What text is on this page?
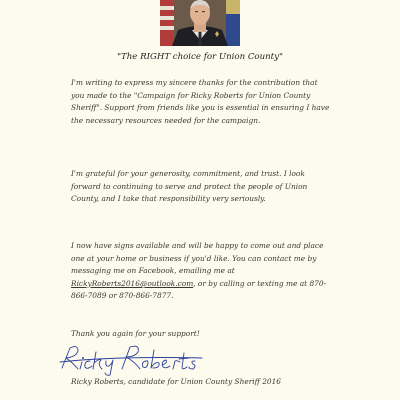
"The RIGHT choice for Union County"

I'm writing to express my sincere thanks for the contribution that you made to the "Campaign for Ricky Roberts for Union County Sheriff". Support from friends like you is essential in ensuring I have the necessary resources needed for the campaign.

I'm grateful for your generosity, commitment, and trust. I look forward to continuing to serve and protect the people of Union County, and I take that responsibility very seriously.

I now have signs available and will be happy to come out and place one at your home or business if you'd like. You can contact me by messaging me on Facebook, emailing me at RickyRoberts2016@outlook.com, or by calling or texting me at 870-866-7089 or 870-866-7877.

Thank you again for your support!

Ricky Roberts, candidate for Union County Sheriff 2016
